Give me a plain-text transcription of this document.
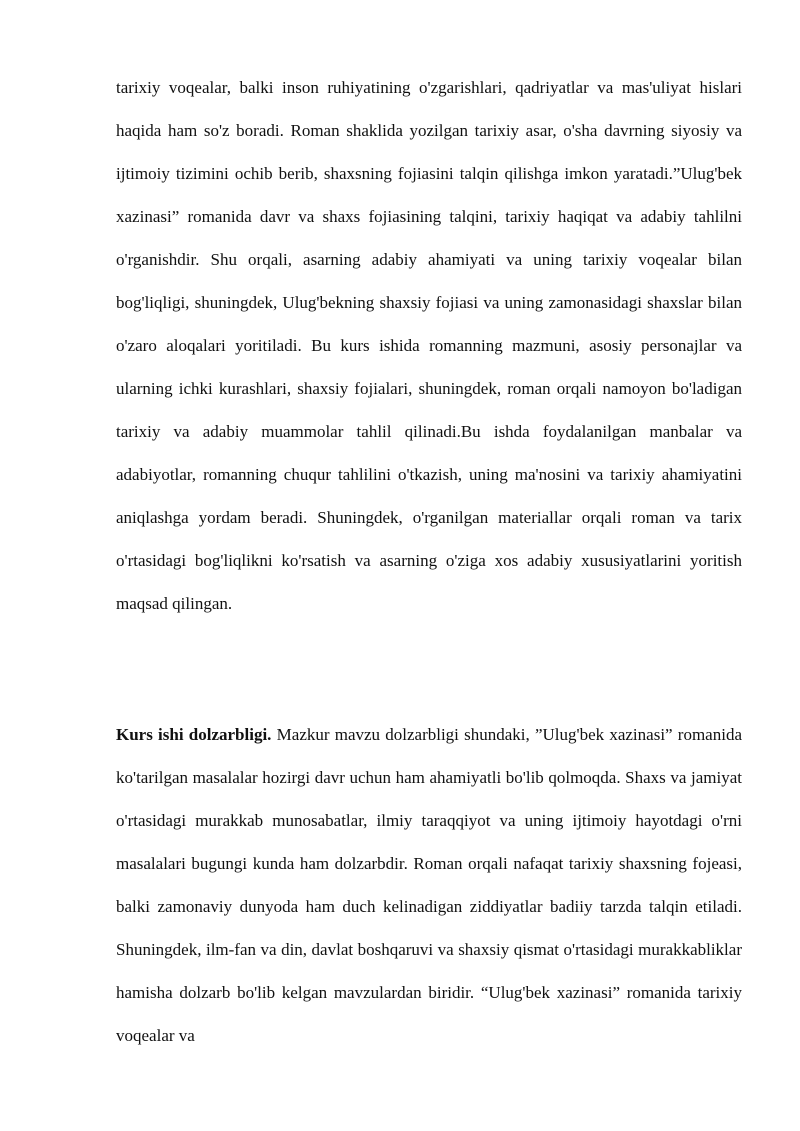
tarixiy voqealar, balki inson ruhiyatining o'zgarishlari, qadriyatlar va mas'uliyat hislari haqida ham so'z boradi. Roman shaklida yozilgan tarixiy asar, o'sha davrning siyosiy va ijtimoiy tizimini ochib berib, shaxsning fojiasini talqin qilishga imkon yaratadi.”Ulug'bek xazinasi” romanida davr va shaxs fojiasining talqini, tarixiy haqiqat va adabiy tahlilni o'rganishdir. Shu orqali, asarning adabiy ahamiyati va uning tarixiy voqealar bilan bog'liqligi, shuningdek, Ulug'bekning shaxsiy fojiasi va uning zamonasidagi shaxslar bilan o'zaro aloqalari yoritiladi. Bu kurs ishida romanning mazmuni, asosiy personajlar va ularning ichki kurashlari, shaxsiy fojialari, shuningdek, roman orqali namoyon bo'ladigan tarixiy va adabiy muammolar tahlil qilinadi.Bu ishda foydalanilgan manbalar va adabiyotlar, romanning chuqur tahlilini o'tkazish, uning ma'nosini va tarixiy ahamiyatini aniqlashga yordam beradi. Shuningdek, o'rganilgan materiallar orqali roman va tarix o'rtasidagi bog'liqlikni ko'rsatish va asarning o'ziga xos adabiy xususiyatlarini yoritish maqsad qilingan.

Kurs ishi dolzarbligi. Mazkur mavzu dolzarbligi shundaki, ”Ulug'bek xazinasi” romanida ko'tarilgan masalalar hozirgi davr uchun ham ahamiyatli bo'lib qolmoqda. Shaxs va jamiyat o'rtasidagi murakkab munosabatlar, ilmiy taraqqiyot va uning ijtimoiy hayotdagi o'rni masalalari bugungi kunda ham dolzarbdir. Roman orqali nafaqat tarixiy shaxsning fojeasi, balki zamonaviy dunyoda ham duch kelinadigan ziddiyatlar badiiy tarzda talqin etiladi. Shuningdek, ilm-fan va din, davlat boshqaruvi va shaxsiy qismat o'rtasidagi murakkabliklar hamisha dolzarb bo'lib kelgan mavzulardan biridir. “Ulug'bek xazinasi” romanida tarixiy voqealar va
